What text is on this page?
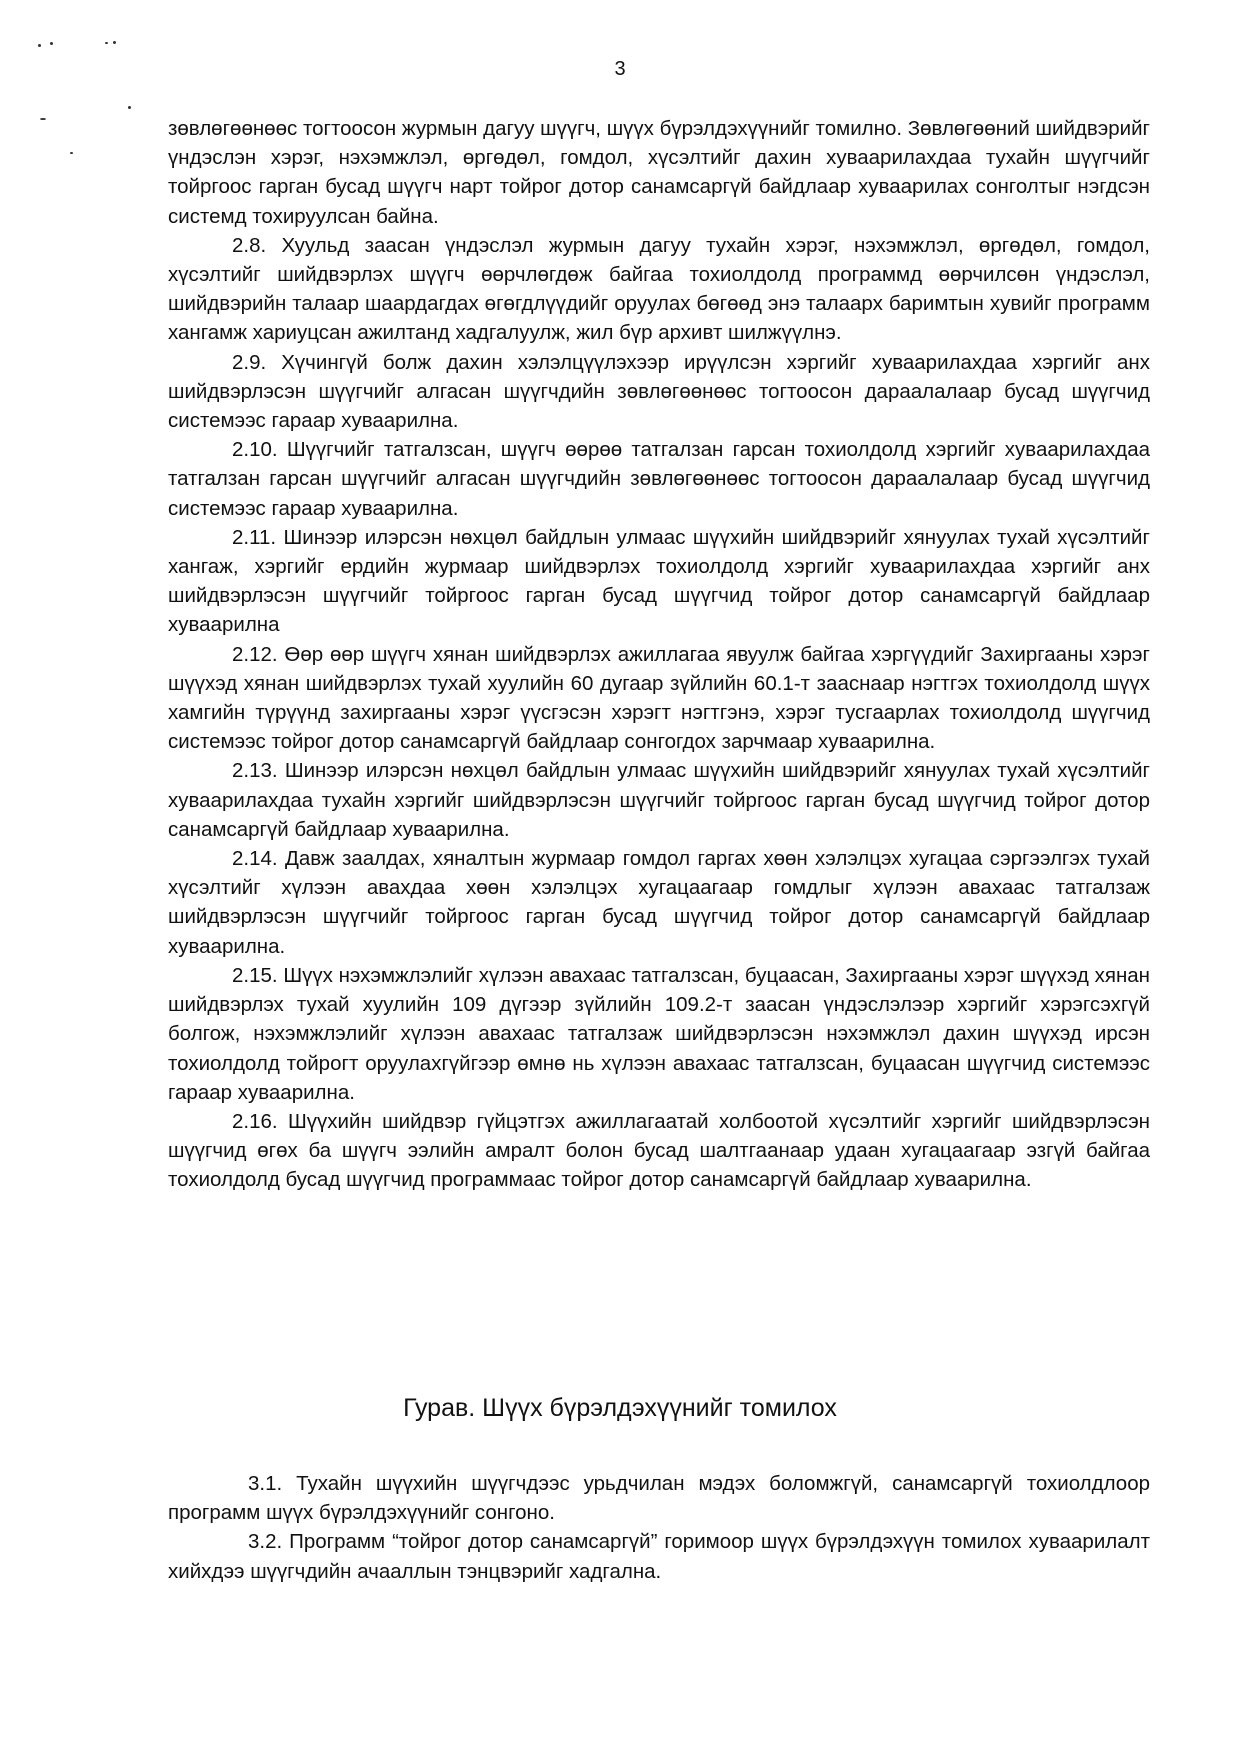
3

зөвлөгөөнөөс тогтоосон журмын дагуу шүүгч, шүүх бүрэлдэхүүнийг томилно. Зөвлөгөөний шийдвэрийг үндэслэн хэрэг, нэхэмжлэл, өргөдөл, гомдол, хүсэлтийг дахин хуваарилахдаа тухайн шүүгчийг тойргоос гарган бусад шүүгч нарт тойрог дотор санамсаргүй байдлаар хуваарилах сонголтыг нэгдсэн системд тохируулсан байна.

2.8. Хуульд заасан үндэслэл журмын дагуу тухайн хэрэг, нэхэмжлэл, өргөдөл, гомдол, хүсэлтийг шийдвэрлэх шүүгч өөрчлөгдөж байгаа тохиолдолд программд өөрчилсөн үндэслэл, шийдвэрийн талаар шаардагдах өгөгдлүүдийг оруулах бөгөөд энэ талаарх баримтын хувийг программ хангамж хариуцсан ажилтанд хадгалуулж, жил бүр архивт шилжүүлнэ.

2.9. Хүчингүй болж дахин хэлэлцүүлэхээр ирүүлсэн хэргийг хуваарилахдаа хэргийг анх шийдвэрлэсэн шүүгчийг алгасан шүүгчдийн зөвлөгөөнөөс тогтоосон дараалалаар бусад шүүгчид системээс гараар хуваарилна.

2.10. Шүүгчийг татгалзсан, шүүгч өөрөө татгалзан гарсан тохиолдолд хэргийг хуваарилахдаа татгалзан гарсан шүүгчийг алгасан шүүгчдийн зөвлөгөөнөөс тогтоосон дараалалаар бусад шүүгчид системээс гараар хуваарилна.

2.11. Шинээр илэрсэн нөхцөл байдлын улмаас шүүхийн шийдвэрийг хянуулах тухай хүсэлтийг хангаж, хэргийг ердийн журмаар шийдвэрлэх тохиолдолд хэргийг хуваарилахдаа хэргийг анх шийдвэрлэсэн шүүгчийг тойргоос гарган бусад шүүгчид тойрог дотор санамсаргүй байдлаар хуваарилна

2.12. Өөр өөр шүүгч хянан шийдвэрлэх ажиллагаа явуулж байгаа хэргүүдийг Захиргааны хэрэг шүүхэд хянан шийдвэрлэх тухай хуулийн 60 дугаар зүйлийн 60.1-т зааснаар нэгтгэх тохиолдолд шүүх хамгийн түрүүнд захиргааны хэрэг үүсгэсэн хэрэгт нэгтгэнэ, хэрэг тусгаарлах тохиолдолд шүүгчид системээс тойрог дотор санамсаргүй байдлаар сонгогдох зарчмаар хуваарилна.

2.13. Шинээр илэрсэн нөхцөл байдлын улмаас шүүхийн шийдвэрийг хянуулах тухай хүсэлтийг хуваарилахдаа тухайн хэргийг шийдвэрлэсэн шүүгчийг тойргоос гарган бусад шүүгчид тойрог дотор санамсаргүй байдлаар хуваарилна.

2.14. Давж заалдах, хяналтын журмаар гомдол гаргах хөөн хэлэлцэх хугацаа сэргээлгэх тухай хүсэлтийг хүлээн авахдаа хөөн хэлэлцэх хугацаагаар гомдлыг хүлээн авахаас татгалзаж шийдвэрлэсэн шүүгчийг тойргоос гарган бусад шүүгчид тойрог дотор санамсаргүй байдлаар хуваарилна.

2.15. Шүүх нэхэмжлэлийг хүлээн авахаас татгалзсан, буцаасан, Захиргааны хэрэг шүүхэд хянан шийдвэрлэх тухай хуулийн 109 дүгээр зүйлийн 109.2-т заасан үндэслэлээр хэргийг хэрэгсэхгүй болгож, нэхэмжлэлийг хүлээн авахаас татгалзаж шийдвэрлэсэн нэхэмжлэл дахин шүүхэд ирсэн тохиолдолд тойрогт оруулахгүйгээр өмнө нь хүлээн авахаас татгалзсан, буцаасан шүүгчид системээс гараар хуваарилна.

2.16. Шүүхийн шийдвэр гүйцэтгэх ажиллагаатай холбоотой хүсэлтийг хэргийг шийдвэрлэсэн шүүгчид өгөх ба шүүгч ээлийн амралт болон бусад шалтгаанаар удаан хугацаагаар эзгүй байгаа тохиолдолд бусад шүүгчид программаас тойрог дотор санамсаргүй байдлаар хуваарилна.

Гурав. Шүүх бүрэлдэхүүнийг томилох

3.1. Тухайн шүүхийн шүүгчдээс урьдчилан мэдэх боломжгүй, санамсаргүй тохиолдлоор программ шүүх бүрэлдэхүүнийг сонгоно.

3.2. Программ “тойрог дотор санамсаргүй” горимоор шүүх бүрэлдэхүүн томилох хуваарилалт хийхдээ шүүгчдийн ачааллын тэнцвэрийг хадгална.
